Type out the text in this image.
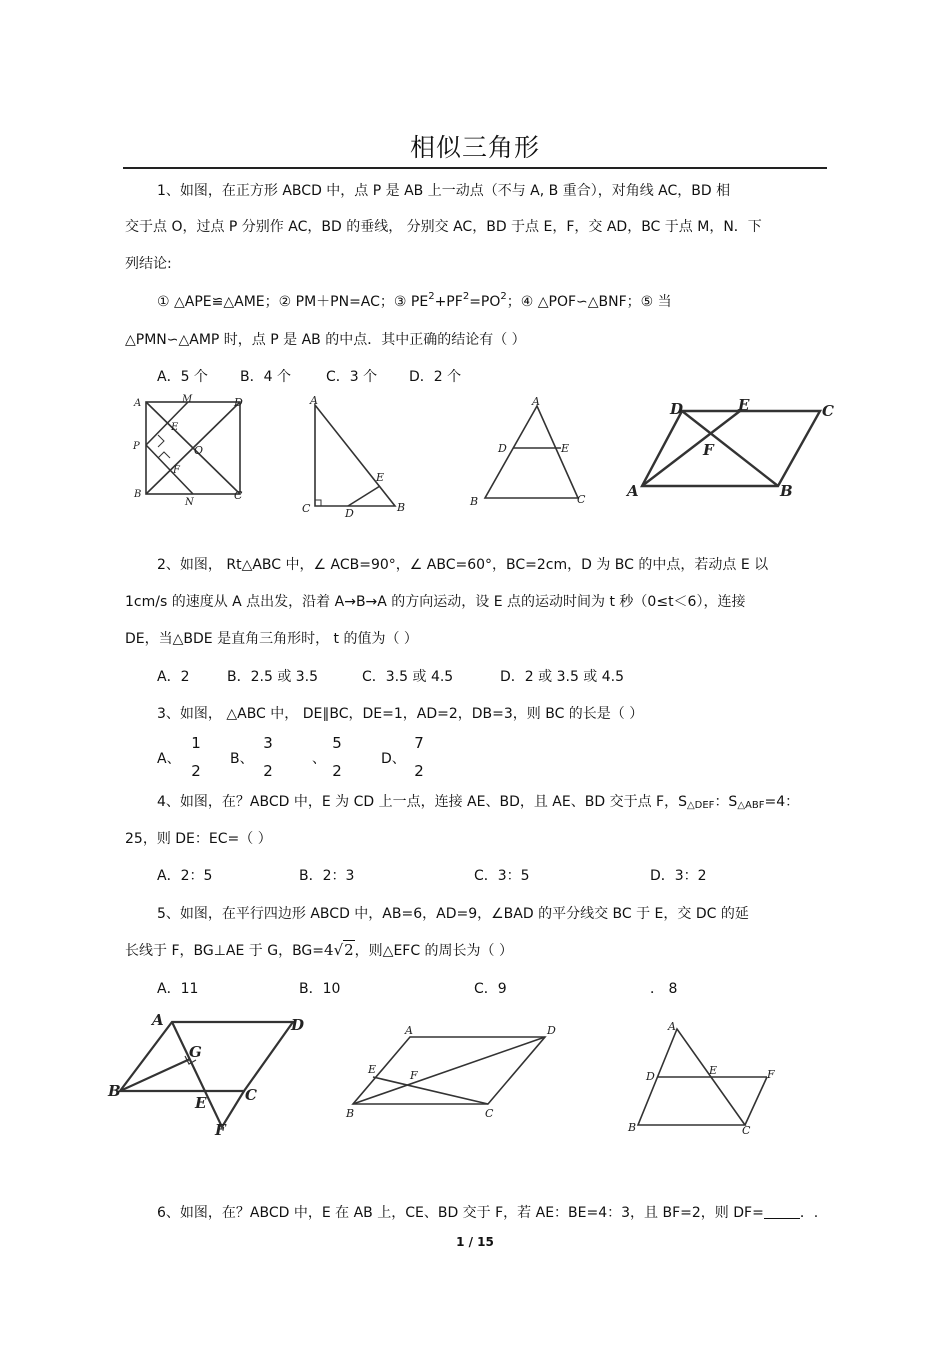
相似三角形
1、如图，在正方形 ABCD 中，点 P 是 AB 上一动点（不与 A, B 重合），对角线 AC，BD 相
交于点 O，过点 P 分别作 AC，BD 的垂线， 分别交 AC，BD 于点 E，F，交 AD，BC 于点 M，N．下
列结论:
① △APE≌△AME；② PM＋PN=AC；③ $PE^2+PF^2=PO^2$；④ △POF∽△BNF；⑤ 当
△PMN∽△AMP 时，点 P 是 AB 的中点．其中正确的结论有（ ）
A．5 个 B．4 个	C．3 个 D．2 个
A	M	D
E
P	O
F
B
N
C
A
E
C	D	B
A
D	E
B	C
D	E	C
F
A	B
2、如图， Rt△ABC 中，∠ ACB=90°，∠ ABC=60°，BC=2cm，D 为 BC 的中点，若动点 E 以
1cm/s 的速度从 A 点出发，沿着 A→B→A 的方向运动，设 E 点的运动时间为 t 秒（0≤t＜6），连接
DE，当△BDE 是直角三角形时， t 的值为（ ）
A．2	B．2.5 或 3.5	C．3.5 或 4.5	D．2 或 3.5 或 4.5
3、如图， △ABC 中， DE∥BC，DE=1，AD=2，DB=3，则 BC 的长是（ ）
A、
1
2
B、
3
2
、
5
2
D、
7
2
4、如图，在？ABCD 中，E 为 CD 上一点，连接 AE、BD，且 AE、BD 交于点 F，$S_{\triangle DEF}$：$S_{\triangle ABF}=4$：
25，则 DE：EC=（ ）
A．2：5	B．2：3	C．3：5	D．3：2
5、如图，在平行四边形 ABCD 中，AB=6，AD=9，∠BAD 的平分线交 BC 于 E，交 DC 的延
长线于 F，BG⊥AE 于 G，BG=4√2，则△EFC 的周长为（ ）
A．11	B．10	C．9	． 8
A	D
G
B	C
E
F
A	D
E	F
B	C
A
D	E	F
B	C
6、如图，在？ABCD 中，E 在 AB 上，CE、BD 交于 F，若 AE：BE=4：3，且 BF=2，则 DF=	．.
1 / 15
